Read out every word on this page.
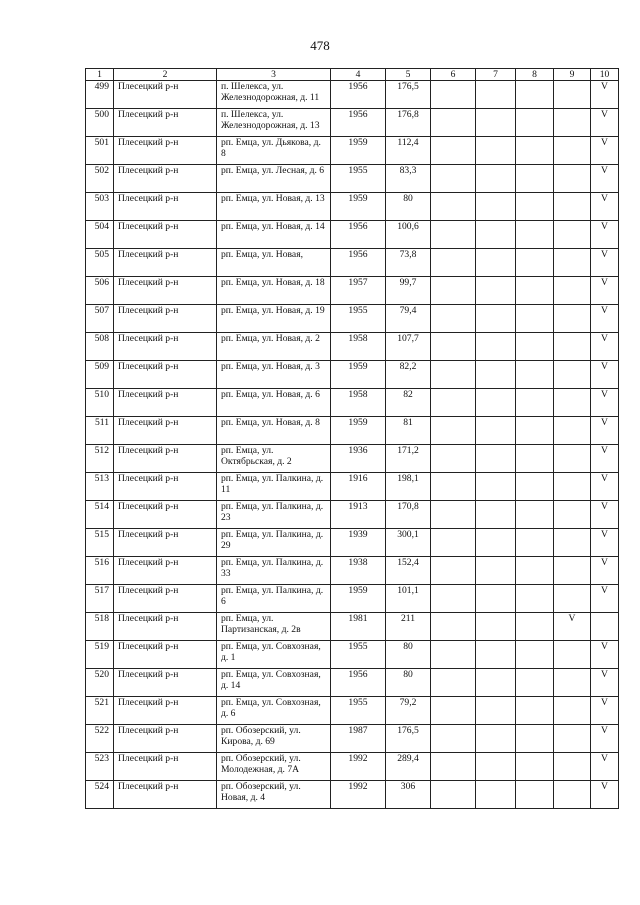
478
1	2	3	4	5	6	7	8	9	10
499	Плесецкий р-н	п. Шелекса, ул. Железнодорожная, д. 11	1956	176,5					V
500	Плесецкий р-н	п. Шелекса, ул. Железнодорожная, д. 13	1956	176,8					V
501	Плесецкий р-н	рп. Емца, ул. Дьякова, д. 8	1959	112,4					V
502	Плесецкий р-н	рп. Емца, ул. Лесная, д. 6	1955	83,3					V
503	Плесецкий р-н	рп. Емца, ул. Новая, д. 13	1959	80					V
504	Плесецкий р-н	рп. Емца, ул. Новая, д. 14	1956	100,6					V
505	Плесецкий р-н	рп. Емца, ул. Новая,	1956	73,8					V
506	Плесецкий р-н	рп. Емца, ул. Новая, д. 18	1957	99,7					V
507	Плесецкий р-н	рп. Емца, ул. Новая, д. 19	1955	79,4					V
508	Плесецкий р-н	рп. Емца, ул. Новая, д. 2	1958	107,7					V
509	Плесецкий р-н	рп. Емца, ул. Новая, д. 3	1959	82,2					V
510	Плесецкий р-н	рп. Емца, ул. Новая, д. 6	1958	82					V
511	Плесецкий р-н	рп. Емца, ул. Новая, д. 8	1959	81					V
512	Плесецкий р-н	рп. Емца, ул. Октябрьская, д. 2	1936	171,2					V
513	Плесецкий р-н	рп. Емца, ул. Палкина, д. 11	1916	198,1					V
514	Плесецкий р-н	рп. Емца, ул. Палкина, д. 23	1913	170,8					V
515	Плесецкий р-н	рп. Емца, ул. Палкина, д. 29	1939	300,1					V
516	Плесецкий р-н	рп. Емца, ул. Палкина, д. 33	1938	152,4					V
517	Плесецкий р-н	рп. Емца, ул. Палкина, д. 6	1959	101,1					V
518	Плесецкий р-н	рп. Емца, ул. Партизанская, д. 2в	1981	211				V	
519	Плесецкий р-н	рп. Емца, ул. Совхозная, д. 1	1955	80					V
520	Плесецкий р-н	рп. Емца, ул. Совхозная, д. 14	1956	80					V
521	Плесецкий р-н	рп. Емца, ул. Совхозная, д. 6	1955	79,2					V
522	Плесецкий р-н	рп. Обозерский, ул. Кирова, д. 69	1987	176,5					V
523	Плесецкий р-н	рп. Обозерский, ул. Молодежная, д. 7А	1992	289,4					V
524	Плесецкий р-н	рп. Обозерский, ул. Новая, д. 4	1992	306					V
